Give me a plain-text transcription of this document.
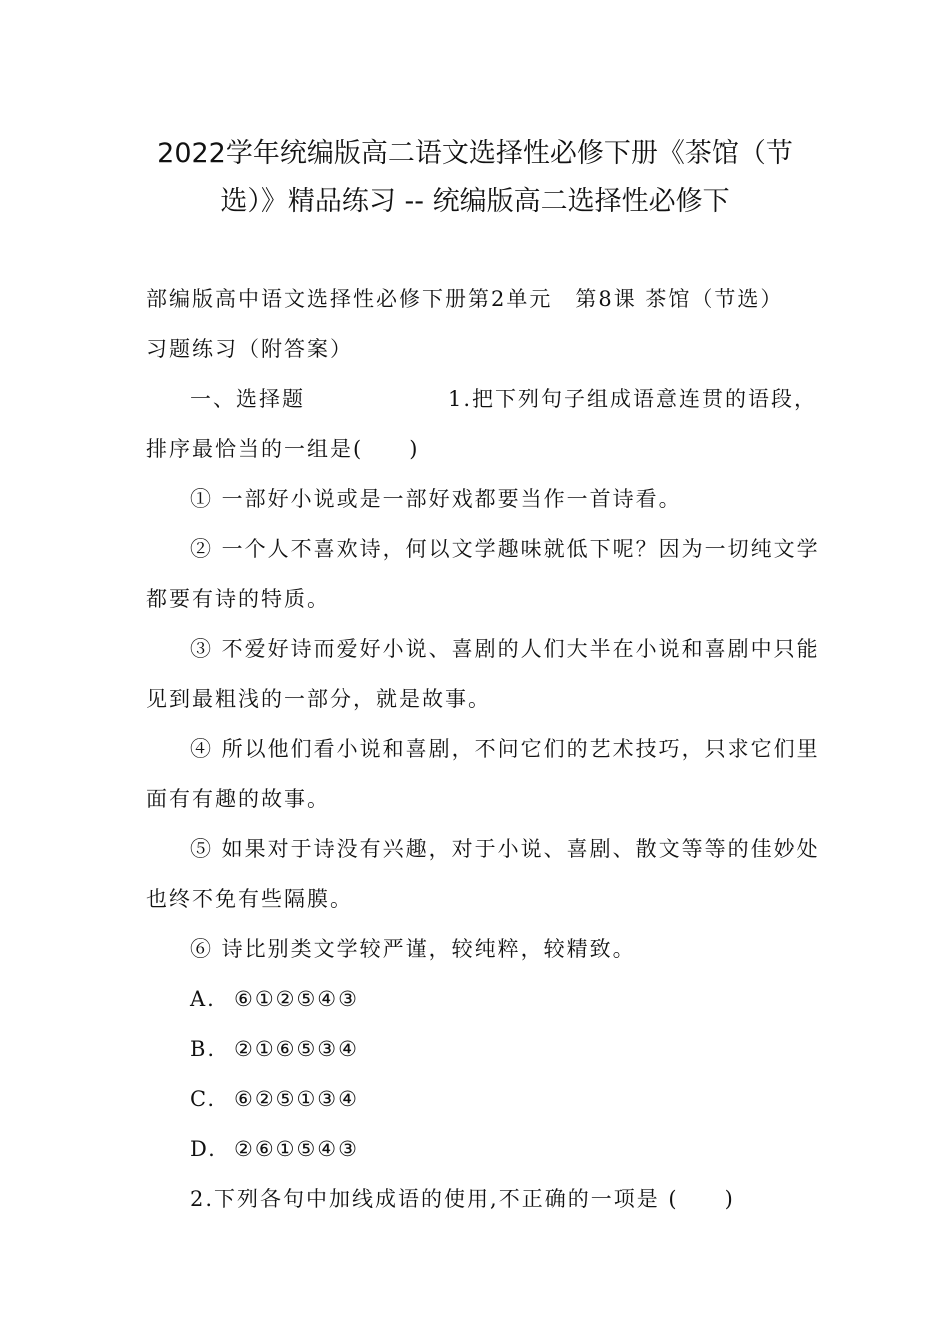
2022学年统编版高二语文选择性必修下册《茶馆（节
选）》精品练习 -- 统编版高二选择性必修下
部编版高中语文选择性必修下册第2单元　第8课 茶馆（节选）
习题练习（附答案）
一、选择题	1.把下列句子组成语意连贯的语段，
排序最恰当的一组是(　　)
① 一部好小说或是一部好戏都要当作一首诗看。
② 一个人不喜欢诗，何以文学趣味就低下呢？因为一切纯文学
都要有诗的特质。
③ 不爱好诗而爱好小说、喜剧的人们大半在小说和喜剧中只能
见到最粗浅的一部分，就是故事。
④ 所以他们看小说和喜剧，不问它们的艺术技巧，只求它们里
面有有趣的故事。
⑤ 如果对于诗没有兴趣，对于小说、喜剧、散文等等的佳妙处
也终不免有些隔膜。
⑥ 诗比别类文学较严谨，较纯粹，较精致。
A. ⑥①②⑤④③
B. ②①⑥⑤③④
C. ⑥②⑤①③④
D. ②⑥①⑤④③
2.下列各句中加线成语的使用,不正确的一项是 (　　)
